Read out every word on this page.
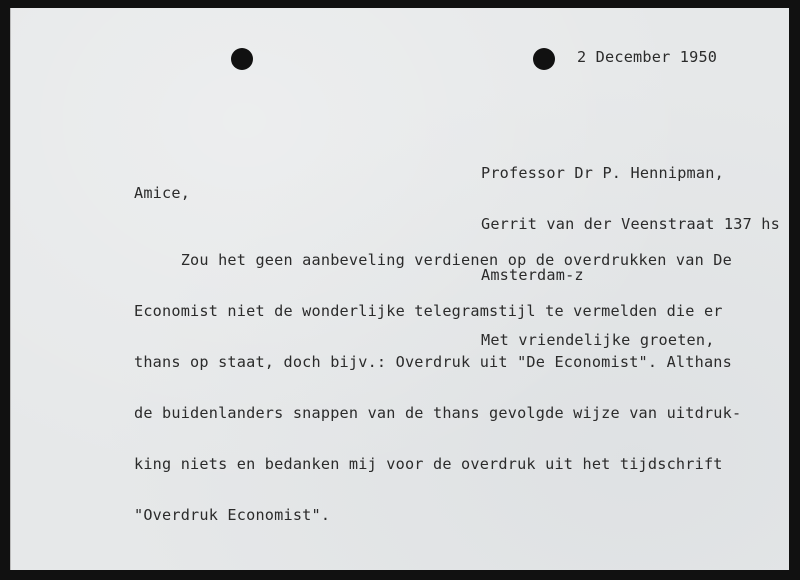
2 December 1950

Professor Dr P. Hennipman,

Gerrit van der Veenstraat 137 hs

Amsterdam-z

Amice,

Zou het geen aanbeveling verdienen op de overdrukken van De

Economist niet de wonderlijke telegramstijl te vermelden die er

thans op staat, doch bijv.: Overdruk uit "De Economist". Althans

de buidenlanders snappen van de thans gevolgde wijze van uitdruk-

king niets en bedanken mij voor de overdruk uit het tijdschrift

"Overdruk Economist".

Met vriendelijke groeten,
